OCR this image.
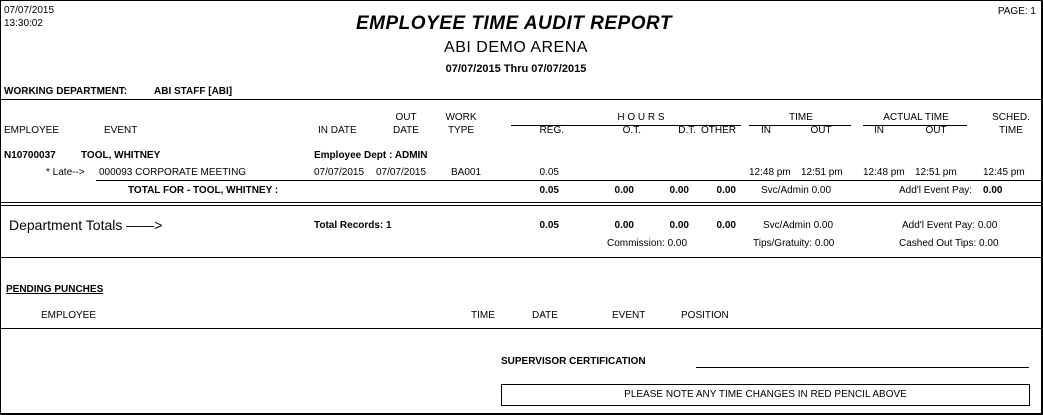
07/07/2015
13:30:02	EMPLOYEE TIME AUDIT REPORT
ABI DEMO ARENA
07/07/2015 Thru 07/07/2015
PAGE: 1
WORKING DEPARTMENT:	ABI STAFF [ABI]
OUT	WORK	H O U R S	TIME	ACTUAL TIME	SCHED.
EMPLOYEE	EVENT	IN DATE	DATE	TYPE	REG.	O.T.	D.T. OTHER	IN	OUT	IN	OUT	TIME
N10700037	TOOL, WHITNEY	Employee Dept : ADMIN
* Late--> 000093 CORPORATE MEETING	07/07/2015 07/07/2015 BA001	0.05	12:48 pm 12:51 pm 12:48 pm 12:51 pm	12:45 pm
TOTAL FOR - TOOL, WHITNEY :	0.05	0.00	0.00	0.00	Svc/Admin 0.00	Add'l Event Pay: 0.00
Department Totals ——>	Total Records: 1	0.05	0.00	0.00	0.00	Svc/Admin 0.00	Add'l Event Pay: 0.00
Commission: 0.00	Tips/Gratuity: 0.00	Cashed Out Tips: 0.00
PENDING PUNCHES
EMPLOYEE	TIME	DATE	EVENT	POSITION
SUPERVISOR CERTIFICATION
PLEASE NOTE ANY TIME CHANGES IN RED PENCIL ABOVE
